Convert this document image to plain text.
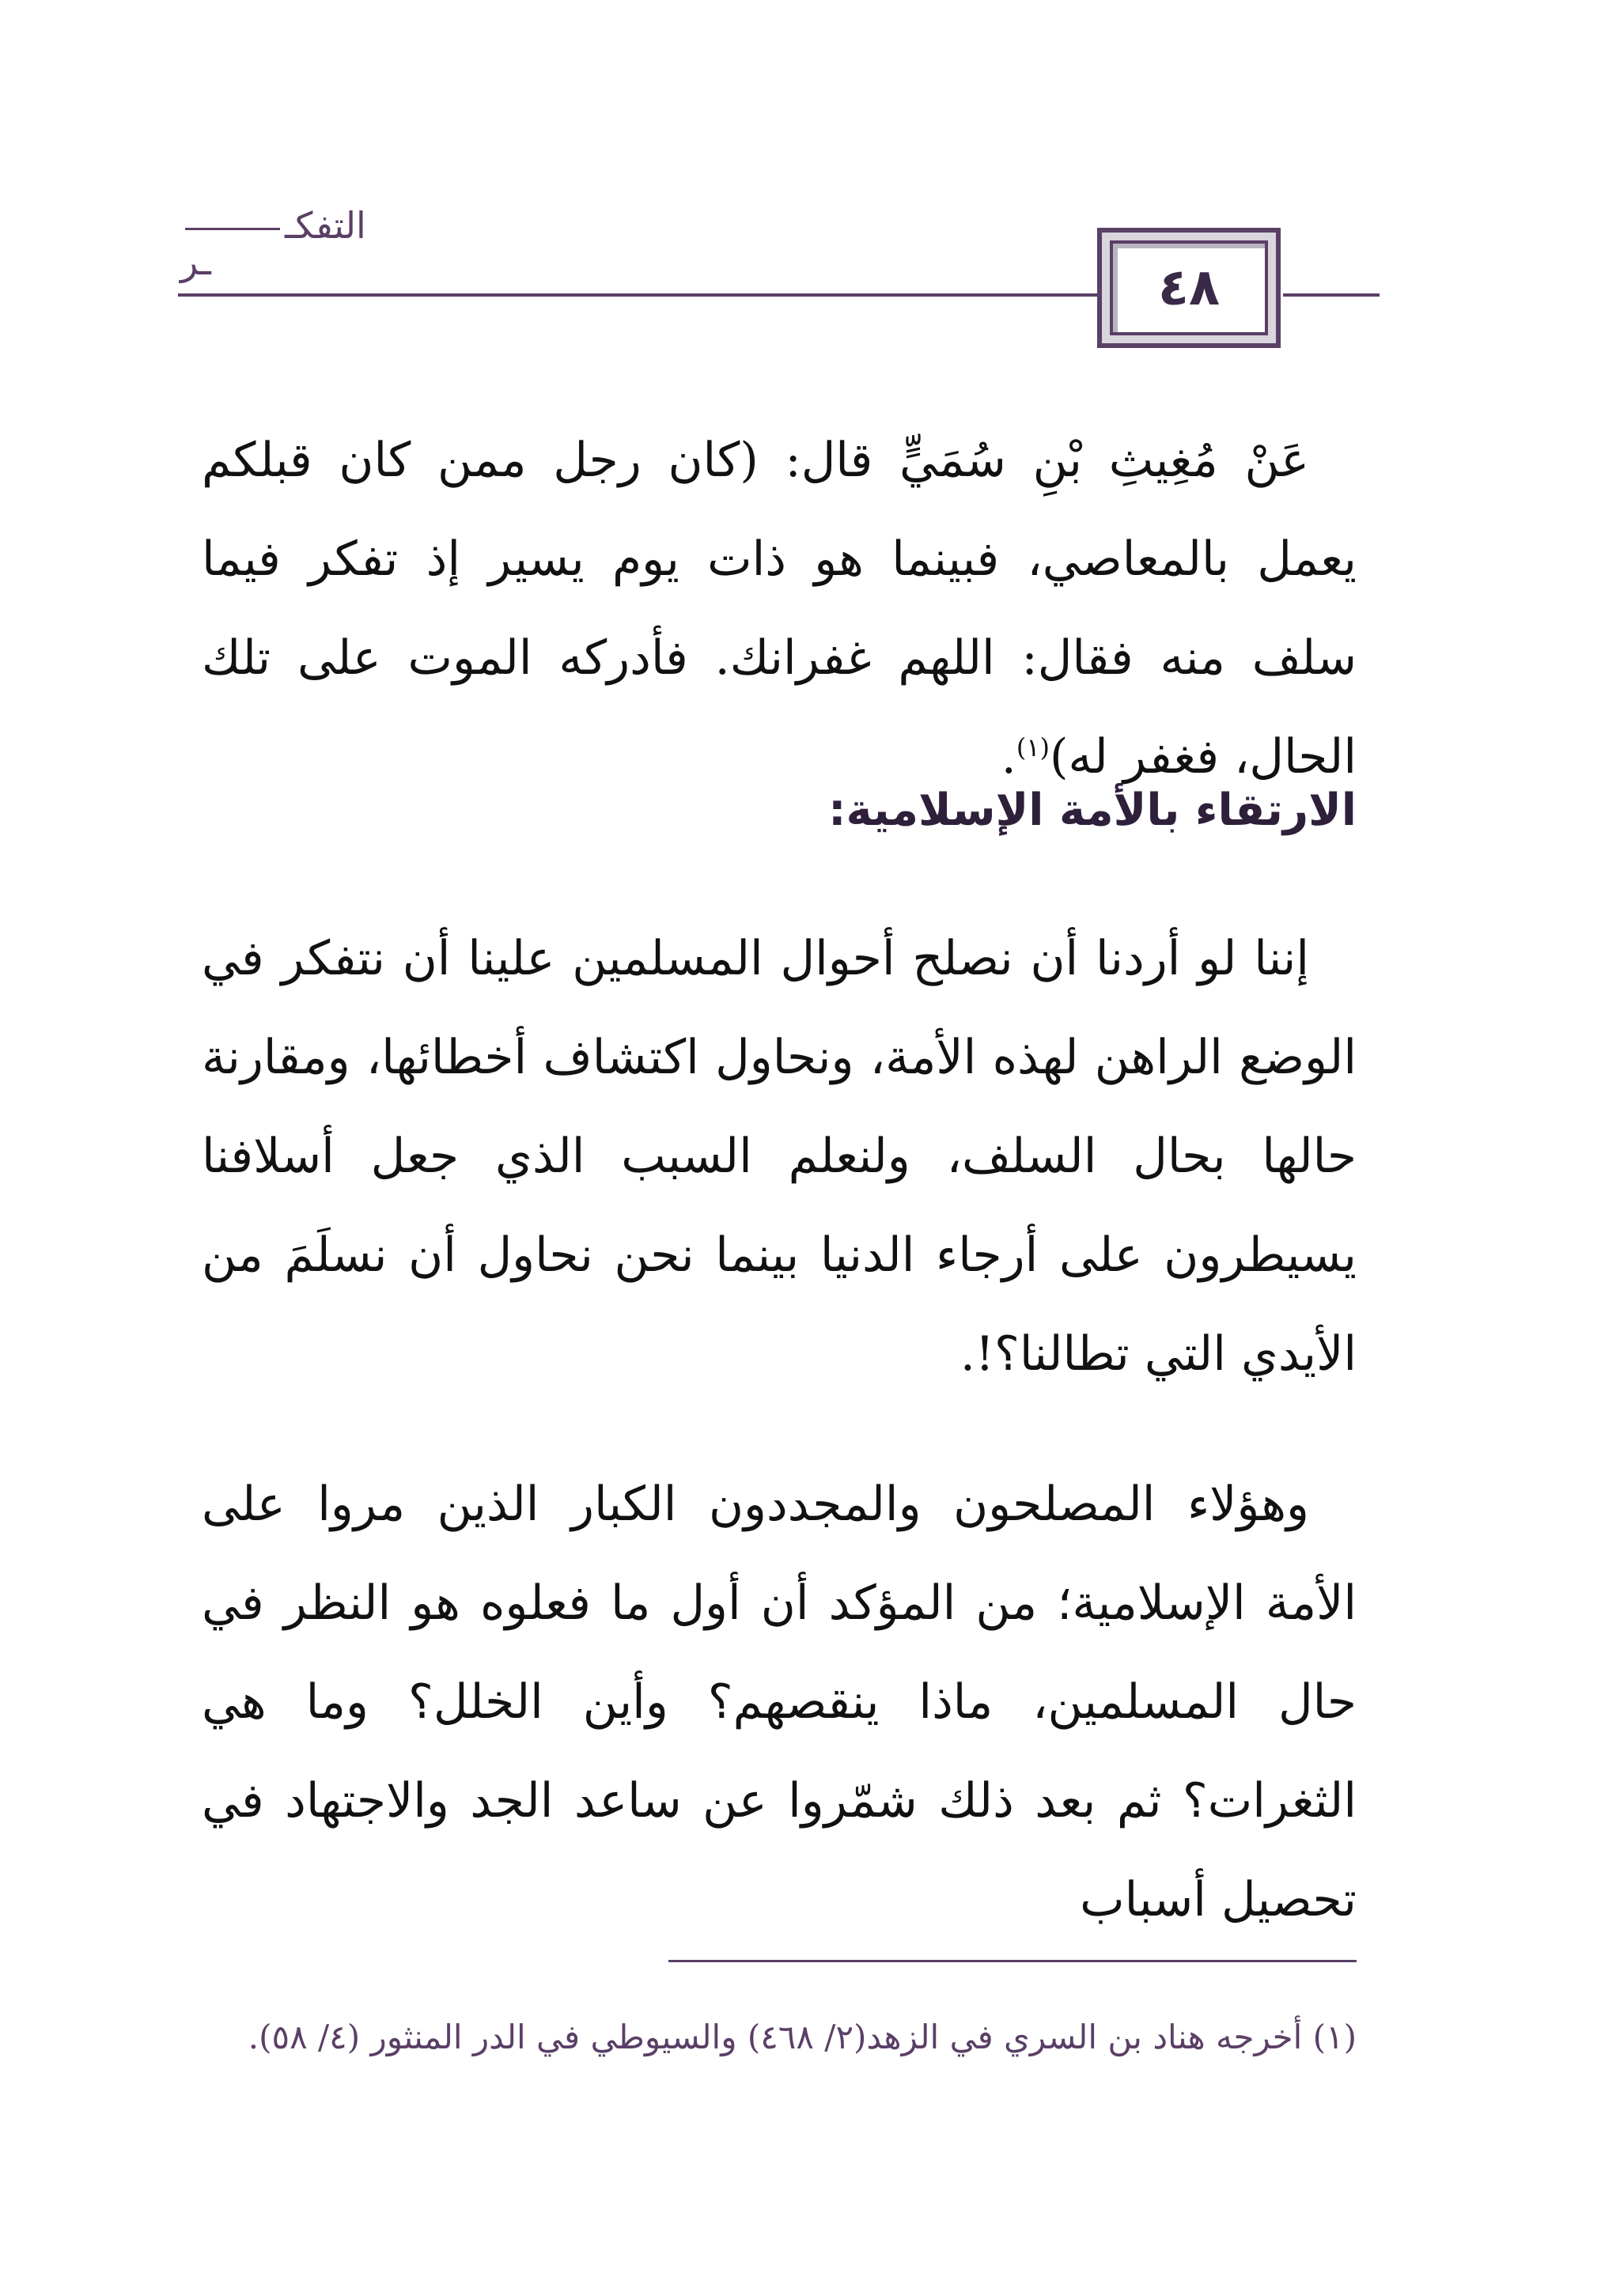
التفكــر	٤٨

عَنْ مُغِيثِ بْنِ سُمَيٍّ قال: (كان رجل ممن كان قبلكم يعمل بالمعاصي، فبينما هو ذات يوم يسير إذ تفكر فيما سلف منه فقال: اللهم غفرانك. فأدركه الموت على تلك الحال، فغفر له)$^{(١)}$.

الارتقاء بالأمة الإسلامية:

إننا لو أردنا أن نصلح أحوال المسلمين علينا أن نتفكر في الوضع الراهن لهذه الأمة، ونحاول اكتشاف أخطائها، ومقارنة حالها بحال السلف، ولنعلم السبب الذي جعل أسلافنا يسيطرون على أرجاء الدنيا بينما نحن نحاول أن نسلَمَ من الأيدي التي تطالنا؟!.

وهؤلاء المصلحون والمجددون الكبار الذين مروا على الأمة الإسلامية؛ من المؤكد أن أول ما فعلوه هو النظر في حال المسلمين، ماذا ينقصهم؟ وأين الخلل؟ وما هي الثغرات؟ ثم بعد ذلك شمّروا عن ساعد الجد والاجتهاد في تحصيل أسباب

(١) أخرجه هناد بن السري في الزهد(٢/ ٤٦٨) والسيوطي في الدر المنثور (٤/ ٥٨).
